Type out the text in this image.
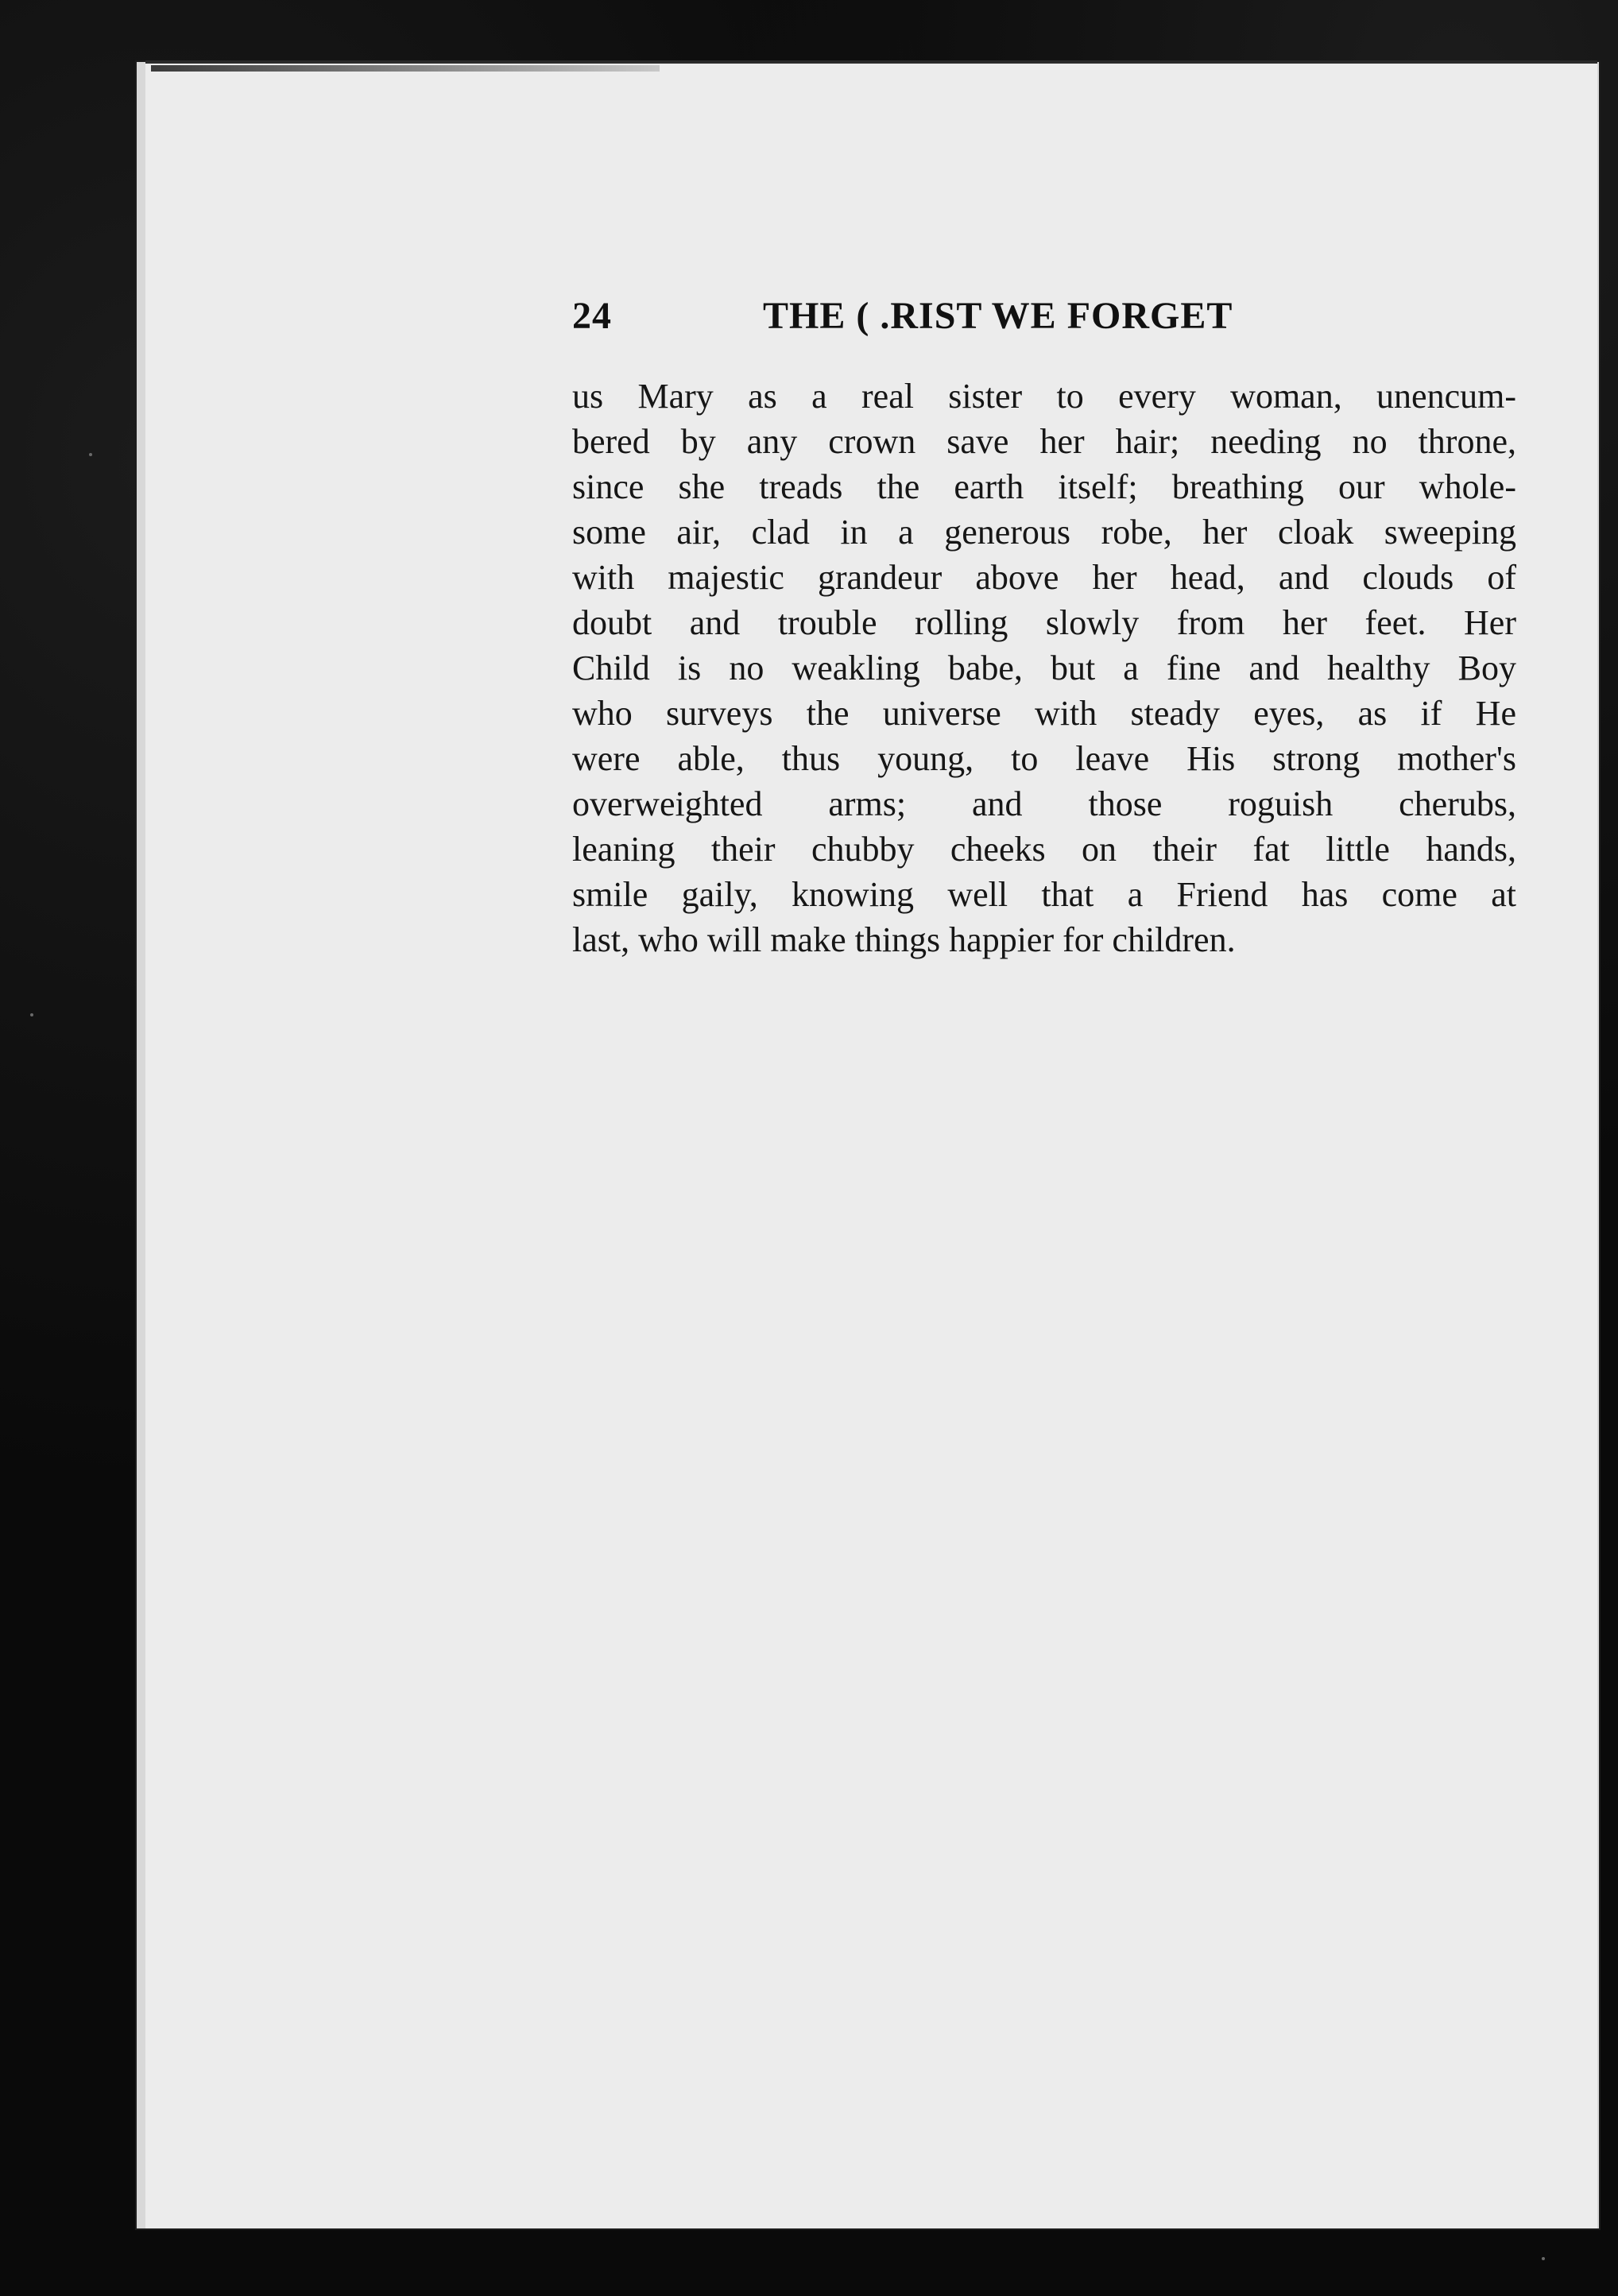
24	THE ( .RIST WE FORGET
us Mary as a real sister to every woman, unencum-
bered by any crown save her hair; needing no throne,
since she treads the earth itself; breathing our whole-
some air, clad in a generous robe, her cloak sweeping
with majestic grandeur above her head, and clouds of
doubt and trouble rolling slowly from her feet. Her
Child is no weakling babe, but a fine and healthy Boy
who surveys the universe with steady eyes, as if He
were able, thus young, to leave His strong mother's
overweighted arms; and those roguish cherubs,
leaning their chubby cheeks on their fat little hands,
smile gaily, knowing well that a Friend has come at
last, who will make things happier for children.
